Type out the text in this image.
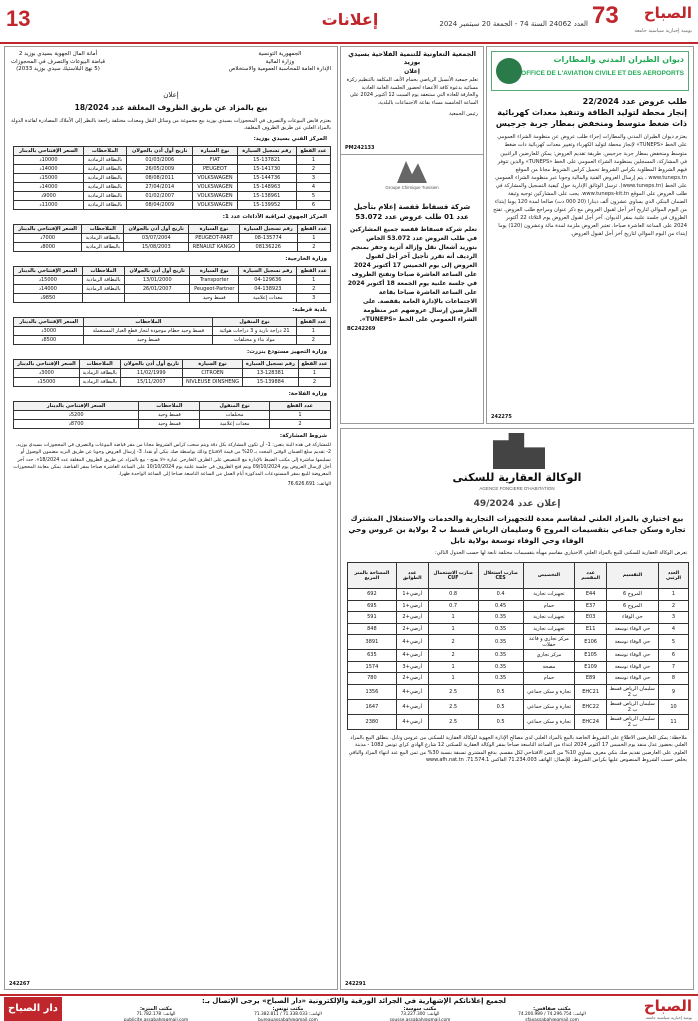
13	إعلانات	العدد 24062 السنة 74 - الجمعة 20 سبتمبر 2024 73 الصباح
يومية إخبارية سياسية جامعة
ديوان الطيران المدني والمطارات
OFFICE DE L'AVIATION CIVILE ET DES AEROPORTS
طلب عروض عدد 22/2024
إنجاز محطة لتوليد الطاقة وتنفيذ معدات كهربائية ذات ضغط متوسط ومنخفض بمطار جربة جرجيس
يعتزم ديوان الطيران المدني والمطارات إجراء طلب عروض عن منظومة الشراء العمومي على الخط «TUNEPS» لإنجاز محطة لتوليد الكهرباء وتغيير معدات كهربائية ذات ضغط متوسط ومنخفض بمطار جربة جرجيس. طريقة تقديم العروض: يمكن للعارضين الراغبين في المشاركة، المسجلين بمنظومة الشراء العمومي على الخط «TUNEPS» والذين تتوفر فيهم الشروط المطلوبة بكراس الشروط تحميل كراس الشروط مجانا من الموقع www.tuneps.tn ، يتم إرسال العروض الفنية والمالية وجوبا عبر منظومة الشراء العمومي على الخط (www.tuneps.tn). ترسل الوثائق الإدارية حول كيفية التسجيل والمشاركة في طلب العروض على الموقع www.tuneps-kit.tn. يجب على المشاركين توجيه وثيقة الضمان البنكي الذي يساوي عشرون ألف دينارا (20 000 دت) صالحا لمدة 120 يوما إبتداء من اليوم الموالي لتاريخ آخر أجل لقبول العروض مع ذكر عنوان ومراجع طلب العروض. تفتح الظروف في جلسة علنية بمقر الديوان. آخر أجل لقبول العروض يوم الثلاثاء 22 أكتوبر 2024 على الساعة العاشرة صباحا. تعتبر العروض ملزمة لمدة مائة وعشرون (120) يوما إبتداء من اليوم الموالي لتاريخ آخر أجل لقبول العروض.
242275
الجمعية التعاونية للتنمية الفلاحية بسيدي بوزيد
إعلان
تعلم جمعية الأنسيل الرياضي بحمام الأنف المكلفة بالتنظيم ركزة مسائية بدعوة كافة الأعضاء لحضور الجلسة العامة العادية والخارقة للعادة التي ستنعقد يوم السبت 12 أكتوبر 2024 على الساعة الخامسة مساء بقاعة الاجتماعات بالبلدية.
رئيس الجمعية
PM242133
Groupe Chimique Tunisien
شركة فسفاط قفصة إعلام بتأجيل عدد 01 طلب عروض عدد 53.072
تعلم شركة فسفاط قفصة جميع المشاركين في طلب العروض عدد 53.072 الخاص بتوريد أشغال نقل وإزالة أتربة وحفر بمنجم الرديف أنه تقرر تأجيل آخر أجل لقبول العروض إلى يوم الخميس 17 أكتوبر 2024 على الساعة العاشرة صباحا وتفتح الظروف في جلسة علنية يوم الجمعة 18 أكتوبر 2024 على الساعة العاشرة صباحا بقاعة الاجتماعات بالإدارة العامة بقفصة. على العارضين إرسال عروضهم عبر منظومة الشراء العمومي على الخط «TUNEPS».
BC242269
الجمهورية التونسية
وزارة المالية
الإدارة العامة للمحاسبة العمومية والاستخلاص
أمانة المال الجهوية بسيدي بوزيد 2
قباضة البيوعات والتصرف في المحجوزات
(5 نهج البلاستيك سيدي بوزيد 2033)
إعلان
بيع بالمزاد عن طريق الظروف المغلقة عدد 18/2024
يعتزم قابض البيوعات والتصرف في المحجوزات بسيدي بوزيد بيع مجموعة من وسائل النقل ومعدات مختلفة راجعة بالنظر إلى الأملاك المصادرة لفائدة الدولة بالمزاد العلني عن طريق الظروف المغلقة.
المركز الفني بسيدي بوزيد:
عدد القطع	رقم تسجيل السيارة	نوع السيارة	تاريخ أول أذن بالجولان	الملاحظات	السعر الإفتتاحي بالدينار
1	15-137821	FIAT	01/03/2006	بالبطاقة الرمادية	10000د
2	15-141730	PEUGEOT	26/05/2009	بالبطاقة الرمادية	14000د
3	15-144736	VOLKSWAGEN	08/08/2011	بالبطاقة الرمادية	15000د
4	15-148963	VOLKSWAGEN	27/04/2014	بالبطاقة الرمادية	14000د
5	15-138961	VOLKSWAGEN	01/02/2007	بالبطاقة الرمادية	9000د
6	15-139952	VOLKSWAGEN	08/04/2009	بالبطاقة الرمادية	11000د
المركز الجهوي لمراقبة الآداءات عدد 1:
عدد القطع	رقم تسجيل السيارة	نوع السيارة	تاريخ أول أذن بالجولان	الملاحظات	السعر الإفتتاحي بالدينار
1	08-135774	PEUGEOT-PART	03/07/2004	بالبطاقة الرمادية	7000د
2	08136226	RENAULT KANGO	15/08/2003	بالبطاقة الرمادية	8000د
وزارة الخارجية:
عدد القطع	رقم تسجيل السيارة	نوع السيارة	تاريخ أول أذن بالجولان	الملاحظات	السعر الإفتتاحي بالدينار
1	04-129636	Transporter	13/01/2000	بالبطاقة الرمادية	15000د
2	04-138923	Peugeot-Partner	26/01/2007	بالبطاقة الرمادية	14000د
3	معدات إعلامية	قسط وحيد			9850د
بلدية قرطبة:
عدد القطع	نوع المنقول	الملاحظات	السعر الإفتتاحي بالدينار
1	21 دراجة نارية و 3 دراجات هوائية	قسط وحيد حطام موجودة لتجار قطع الغيار المستعملة	3000د
2	مواد بناء و مختلفات	قسط وحيد	8500د
وزارة التجهيز مستودع بنزرت:
عدد القطع	رقم تسجيل السيارة	نوع السيارة	تاريخ أول أذن بالجولان	الملاحظات	السعر الإفتتاحي بالدينار
1	13-128381	CITROEN	11/02/1999	بالبطاقة الرمادية	3000د
2	15-139884	NIVLEUSE DINSHENG	15/11/2007	بالبطاقة الرمادية	15000د
وزارة الفلاحة:
عدد القطع	نوع المنقول	الملاحظات	السعر الإفتتاحي بالدينار
1	مختلفات	قسط وحيد	5200د
2	معدات إعلامية	قسط وحيد	8700د
شروط المشاركة:
للمشاركة في هذه البتة يتعين: 1- أن تكون المشاركة بكل دقة ويتم سحب كراس الشروط مجانا من مقر قباضة البيوعات والتصرف في المحجوزات بسيدي بوزيد. 2- تقديم مبلغ الضمان الوقتي المحدد بـ 20% من قيمة الافتتاح وذلك بواسطة صك بنكي أو نقدا. 3- إرسال العروض وجوبا عن طريق البريد مضمون الوصول أو تسليمها مباشرة إلى مكتب الضبط بالإدارة مع التنصيص على الظرف الخارجي عبارة «لا يفتح - بيع بالمزاد عن طريق الظروف المغلقة عدد 18/2024». حدد آخر أجل لإرسال العروض يوم 09/10/2024 ويتم فتح الظروف في جلسة علنية يوم 10/10/2024 على الساعة العاشرة صباحا بمقر القباضة. يمكن معاينة المحجوزات المعروضة للبيع بمقر المستودعات المذكورة أيام العمل من الساعة التاسعة صباحا إلى الساعة الواحدة ظهرا.
الهاتف: 76.626.691
242267
الوكالة العقارية للسكنى
AGENCE FONCIERE D'HABITATION
إعلان عدد 49/2024
بيع اختياري بالمزاد العلني لمقاسم معدة للتجهيزات التجارية والخدمات والاستغلال المشترك تجارة وسكن جماعي بتقسيمات المروج 6 وسليمان الرياض قسط ب 2 بولاية بن عروس وحي الوفاء وحي الوفاء توسعة بولاية نابل
تعرض الوكالة العقارية للسكنى للبيع بالمزاد العلني الاختياري مقاسم مهيأة بتقسيمات مختلفة تابعة لها حسب الجدول التالي:
العدد الرتبي	التقسيم	عدد المقسم	التخصيص	ضارب استغلال CES	ضارب الاستعمال CUF	عدد الطوابق	المساحة بالمتر المربع
1	المروج 6	E44	تجهيزات تجارية	0.4	0.8	أرضي+1	692
2	المروج 6	E37	حمام	0.45	0.7	أرضي+1	695
3	حي الوفاء	E03	تجهيزات تجارية	0.35	1	أرضي+2	591
4	حي الوفاء توسعة	E11	تجهيزات تجارية	0.35	1	أرضي+2	848
5	حي الوفاء توسعة	E106	مركز تجاري و قاعة حفلات	0.35	2	أرضي+4	3891
6	حي الوفاء توسعة	E105	مركز تجاري	0.35	2	أرضي+4	635
7	حي الوفاء توسعة	E109	مصحة	0.35	1	أرضي+3	1574
8	حي الوفاء توسعة	E89	حمام	0.35	1	أرضي+2	780
9	سليمان الرياض قسط ب 2	EHC21	تجارة و سكن جماعي	0.5	2.5	أرضي+4	1356
10	سليمان الرياض قسط ب 2	EHC22	تجارة و سكن جماعي	0.5	2.5	أرضي+4	1647
11	سليمان الرياض قسط ب 2	EHC24	تجارة و سكن جماعي	0.5	2.5	أرضي+4	2380
ملاحظة: يمكن للعارضين الاطلاع على الشروط الخاصة بالبيع بالمزاد العلني لدى مصالح الإدارة الجهوية للوكالة العقارية للسكنى ببن عروس ونابل. ينطلق البيع بالمزاد العلني بحضور عدل منفذ يوم الخميس 17 أكتوبر 2024 ابتداء من الساعة التاسعة صباحا بمقر الوكالة العقارية للسكنى 12 شارع الهادي كراي تونس 1082 - مدينة العلوم. على العارضين تقديم صك بنكي معرف يساوي 10% من الثمن الافتتاحي لكل مقسم. يدفع المشتري تسبقة بنسبة 30% من ثمن البيع عند انتهاء المزاد والباقي يخلص حسب الشروط المنصوص عليها بكراس الشروط. للإتصال: الهاتف 71.234.003 الفاكس 71.574.1. www.afh.nat.tn
242291
الصباح
يومية إخبارية سياسية جامعة
لجميع إعلاناتكم الإشهارية في الجرائد الورقية والإلكترونية «دار الصباح» يرجى الإتصال بـ:
مكتب المنزه:
الهاتف: 71.782.178
publicite.assabah@gmail.com
مكتب تونس:
الهاتف: 71.338.033 / 71.382.811
bureauassabah@gmail.com
مكتب سوسة:
الهاتف: 73.227.300
sousse.assabah@gmail.com
مكتب صفاقس:
الهاتف: 74.296.754 / 74.200.989
sfaxassabah@gmail.com
دار الصباح
